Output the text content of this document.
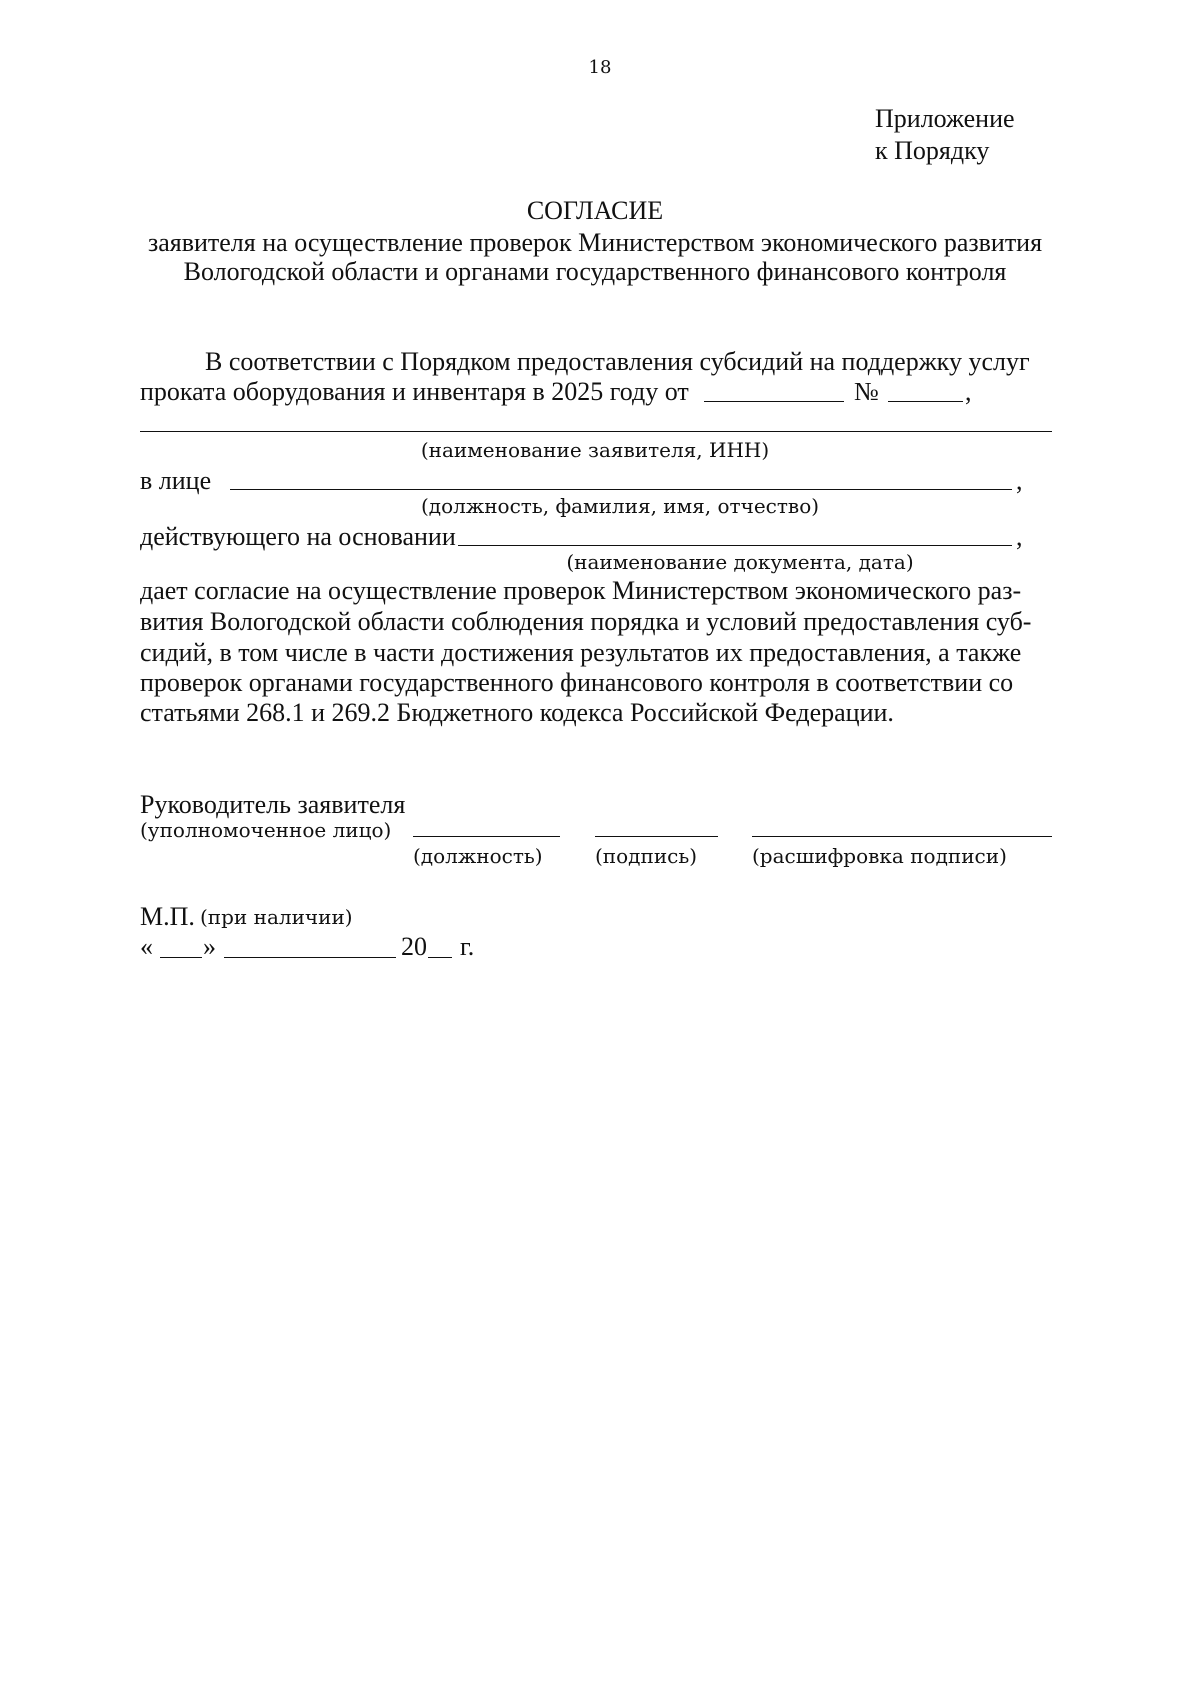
18
Приложение
к Порядку
СОГЛАСИЕ
заявителя на осуществление проверок Министерством экономического развития
Вологодской области и органами государственного финансового контроля
В соответствии с Порядком предоставления субсидий на поддержку услуг
проката оборудования и инвентаря в 2025 году от	№	,
(наименование заявителя, ИНН)
в лице	,
(должность, фамилия, имя, отчество)
действующего на основании	,
(наименование документа, дата)
дает согласие на осуществление проверок Министерством экономического раз-
вития Вологодской области соблюдения порядка и условий предоставления суб-
сидий, в том числе в части достижения результатов их предоставления, а также
проверок органами государственного финансового контроля в соответствии со
статьями 268.1 и 269.2 Бюджетного кодекса Российской Федерации.
Руководитель заявителя
(уполномоченное лицо)
(должность)	(подпись)	(расшифровка подписи)
М.П. (при наличии)
« »	20 г.
